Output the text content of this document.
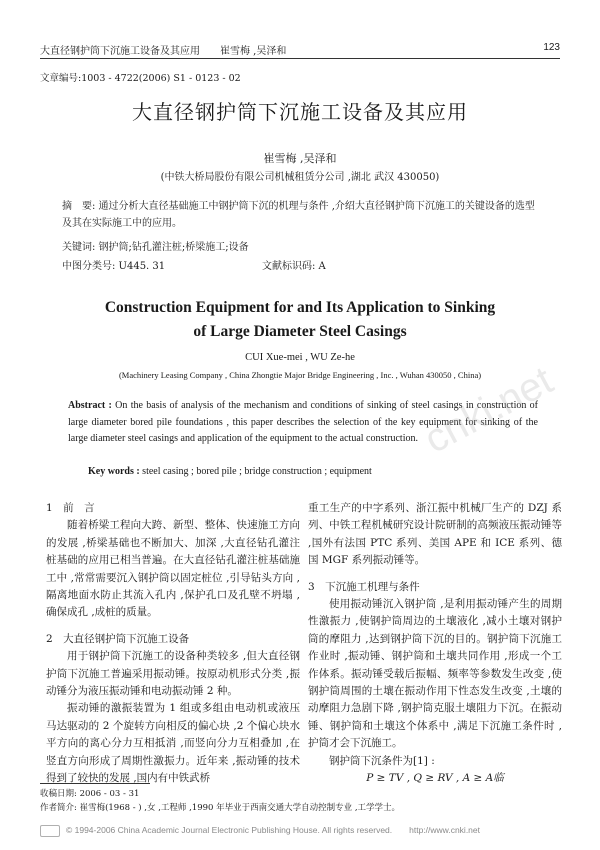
大直径钢护筒下沉施工设备及其应用　　崔雪梅 ,吴泽和	123
文章编号:1003 - 4722(2006) S1 - 0123 - 02
大直径钢护筒下沉施工设备及其应用
崔雪梅 ,吴泽和
(中铁大桥局股份有限公司机械租赁分公司 ,湖北 武汉 430050)
摘　要: 通过分析大直径基础施工中钢护筒下沉的机理与条件 ,介绍大直径钢护筒下沉施工的关键设备的选型及其在实际施工中的应用。
关键词: 钢护筒;钻孔灌注桩;桥梁施工;设备
中图分类号: U445. 31	文献标识码: A
Construction Equipment for and Its Application to Sinking
of Large Diameter Steel Casings
CUI Xue-mei , WU Ze-he
(Machinery Leasing Company , China Zhongtie Major Bridge Engineering , Inc. , Wuhan 430050 , China)
Abstract : On the basis of analysis of the mechanism and conditions of sinking of steel casings in construction of large diameter bored pile foundations , this paper describes the selection of the key equipment for sinking of the large diameter steel casings and application of the equipment to the actual construction.
Key words : steel casing ; bored pile ; bridge construction ; equipment
cnki.net
1　前　言

随着桥梁工程向大跨、新型、整体、快速施工方向的发展 ,桥梁基础也不断加大、加深 ,大直径钻孔灌注桩基础的应用已相当普遍。在大直径钻孔灌注桩基础施工中 ,常常需要沉入钢护筒以固定桩位 ,引导钻头方向 ,隔离地面水防止其流入孔内 ,保护孔口及孔壁不坍塌 ,确保成孔 ,成桩的质量。

2　大直径钢护筒下沉施工设备

用于钢护筒下沉施工的设备种类较多 ,但大直径钢护筒下沉施工普遍采用振动锤。按原动机形式分类 ,振动锤分为液压振动锤和电动振动锤 2 种。

振动锤的激振装置为 1 组或多组由电动机或液压马达驱动的 2 个旋转方向相反的偏心块 ,2 个偏心块水平方向的离心分力互相抵消 ,而竖向分力互相叠加 ,在竖直方向形成了周期性激振力。近年来 ,振动锤的技术得到了较快的发展 ,国内有中铁武桥

重工生产的中字系列、浙江振中机械厂生产的 DZJ 系列、中铁工程机械研究设计院研制的高频液压振动锤等 ,国外有法国 PTC 系列、美国 APE 和 ICE 系列、德国 MGF 系列振动锤等。

3　下沉施工机理与条件

使用振动锤沉入钢护筒 ,是利用振动锤产生的周期性激振力 ,使钢护筒周边的土壤液化 ,减小土壤对钢护筒的摩阻力 ,达到钢护筒下沉的目的。钢护筒下沉施工作业时 ,振动锤、钢护筒和土壤共同作用 ,形成一个工作体系。振动锤受载后振幅、频率等参数发生改变 ,使钢护筒周围的土壤在振动作用下性态发生改变 ,土壤的动摩阻力急剧下降 ,钢护筒克服土壤阻力下沉。在振动锤、钢护筒和土壤这个体系中 ,满足下沉施工条件时 ,护筒才会下沉施工。

钢护筒下沉条件为[1] :

P ≥ TV , Q ≥ RV , A ≥ A临
收稿日期: 2006 - 03 - 31
作者简介: 崔雪梅(1968 - ) ,女 ,工程师 ,1990 年毕业于西南交通大学自动控制专业 ,工学学士。
© 1994-2006 China Academic Journal Electronic Publishing House. All rights reserved.　　http://www.cnki.net
